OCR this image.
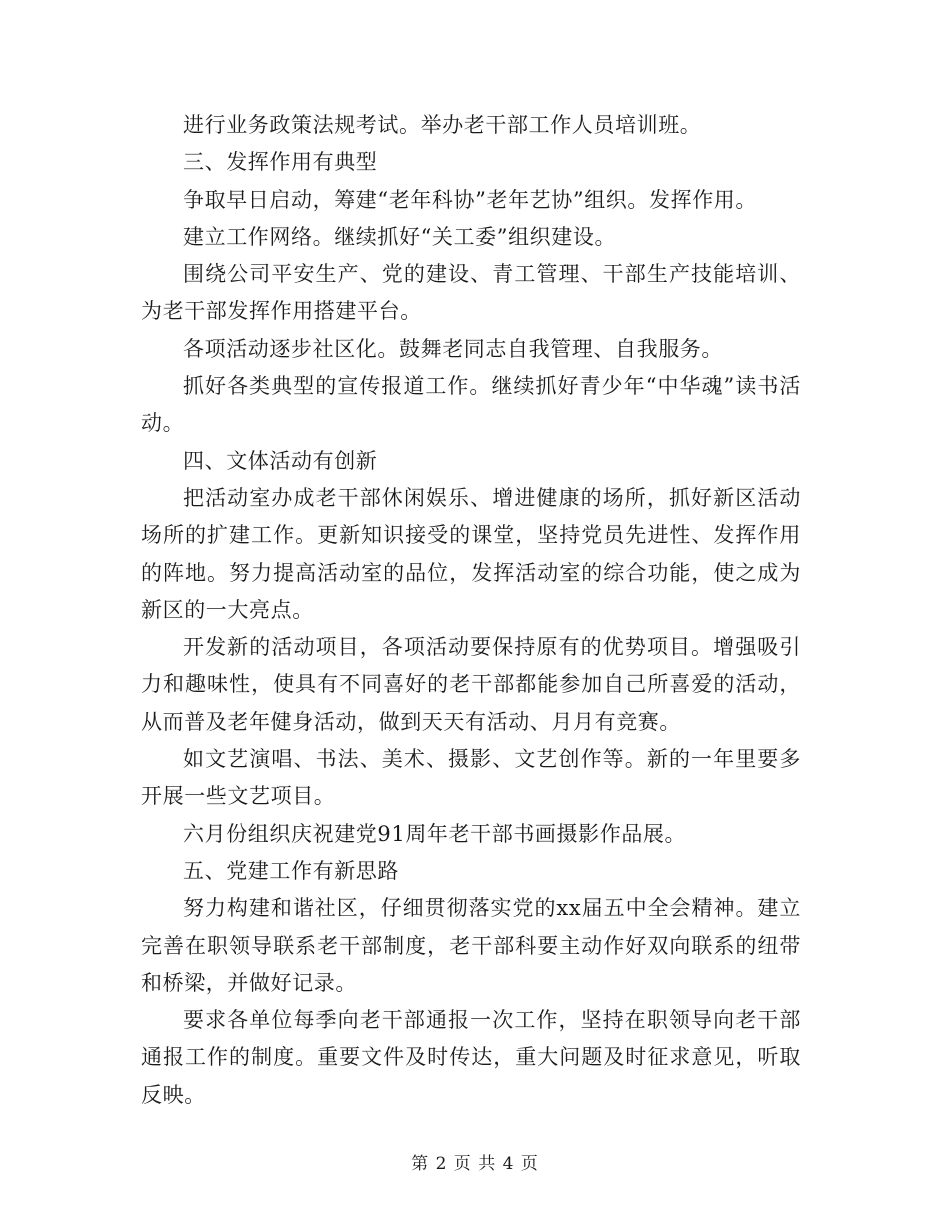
进行业务政策法规考试。举办老干部工作人员培训班。

三、发挥作用有典型

争取早日启动，筹建“老年科协”老年艺协”组织。发挥作用。

建立工作网络。继续抓好“关工委”组织建设。

围绕公司平安生产、党的建设、青工管理、干部生产技能培训、为老干部发挥作用搭建平台。

各项活动逐步社区化。鼓舞老同志自我管理、自我服务。

抓好各类典型的宣传报道工作。继续抓好青少年“中华魂”读书活动。

四、文体活动有创新

把活动室办成老干部休闲娱乐、增进健康的场所，抓好新区活动场所的扩建工作。更新知识接受的课堂，坚持党员先进性、发挥作用的阵地。努力提高活动室的品位，发挥活动室的综合功能，使之成为新区的一大亮点。

开发新的活动项目，各项活动要保持原有的优势项目。增强吸引力和趣味性，使具有不同喜好的老干部都能参加自己所喜爱的活动，从而普及老年健身活动，做到天天有活动、月月有竞赛。

如文艺演唱、书法、美术、摄影、文艺创作等。新的一年里要多开展一些文艺项目。

六月份组织庆祝建党91周年老干部书画摄影作品展。

五、党建工作有新思路

努力构建和谐社区，仔细贯彻落实党的xx届五中全会精神。建立完善在职领导联系老干部制度，老干部科要主动作好双向联系的纽带和桥梁，并做好记录。

要求各单位每季向老干部通报一次工作，坚持在职领导向老干部通报工作的制度。重要文件及时传达，重大问题及时征求意见，听取反映。

第 2 页 共 4 页
